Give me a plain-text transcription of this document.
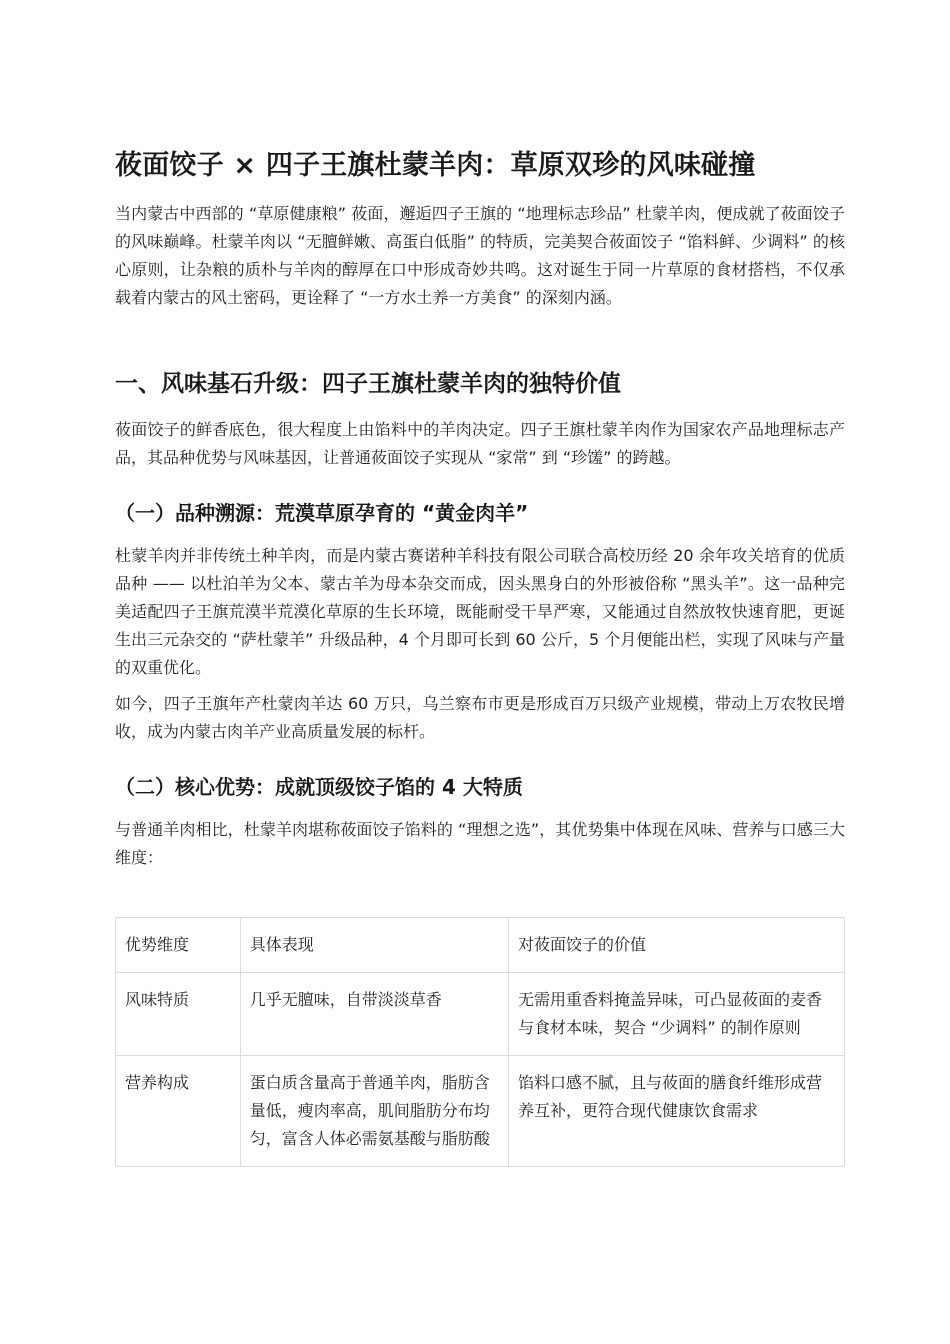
莜面饺子 × 四子王旗杜蒙羊肉：草原双珍的风味碰撞

当内蒙古中西部的 “草原健康粮” 莜面，邂逅四子王旗的 “地理标志珍品” 杜蒙羊肉，便成就了莜面饺子的风味巅峰。杜蒙羊肉以 “无膻鲜嫩、高蛋白低脂” 的特质，完美契合莜面饺子 “馅料鲜、少调料” 的核心原则，让杂粮的质朴与羊肉的醇厚在口中形成奇妙共鸣。这对诞生于同一片草原的食材搭档，不仅承载着内蒙古的风土密码，更诠释了 “一方水土养一方美食” 的深刻内涵。

一、风味基石升级：四子王旗杜蒙羊肉的独特价值

莜面饺子的鲜香底色，很大程度上由馅料中的羊肉决定。四子王旗杜蒙羊肉作为国家农产品地理标志产品，其品种优势与风味基因，让普通莜面饺子实现从 “家常” 到 “珍馐” 的跨越。

（一）品种溯源：荒漠草原孕育的 “黄金肉羊”

杜蒙羊肉并非传统土种羊肉，而是内蒙古赛诺种羊科技有限公司联合高校历经 20 余年攻关培育的优质品种 —— 以杜泊羊为父本、蒙古羊为母本杂交而成，因头黑身白的外形被俗称 “黑头羊”。这一品种完美适配四子王旗荒漠半荒漠化草原的生长环境，既能耐受干旱严寒，又能通过自然放牧快速育肥，更诞生出三元杂交的 “萨杜蒙羊” 升级品种，4 个月即可长到 60 公斤，5 个月便能出栏，实现了风味与产量的双重优化。

如今，四子王旗年产杜蒙肉羊达 60 万只，乌兰察布市更是形成百万只级产业规模，带动上万农牧民增收，成为内蒙古肉羊产业高质量发展的标杆。

（二）核心优势：成就顶级饺子馅的 4 大特质

与普通羊肉相比，杜蒙羊肉堪称莜面饺子馅料的 “理想之选”，其优势集中体现在风味、营养与口感三大维度：

优势维度	具体表现	对莜面饺子的价值
风味特质	几乎无膻味，自带淡淡草香	无需用重香料掩盖异味，可凸显莜面的麦香与食材本味，契合 “少调料” 的制作原则
营养构成	蛋白质含量高于普通羊肉，脂肪含量低，瘦肉率高，肌间脂肪分布均匀，富含人体必需氨基酸与脂肪酸	馅料口感不腻，且与莜面的膳食纤维形成营养互补，更符合现代健康饮食需求
